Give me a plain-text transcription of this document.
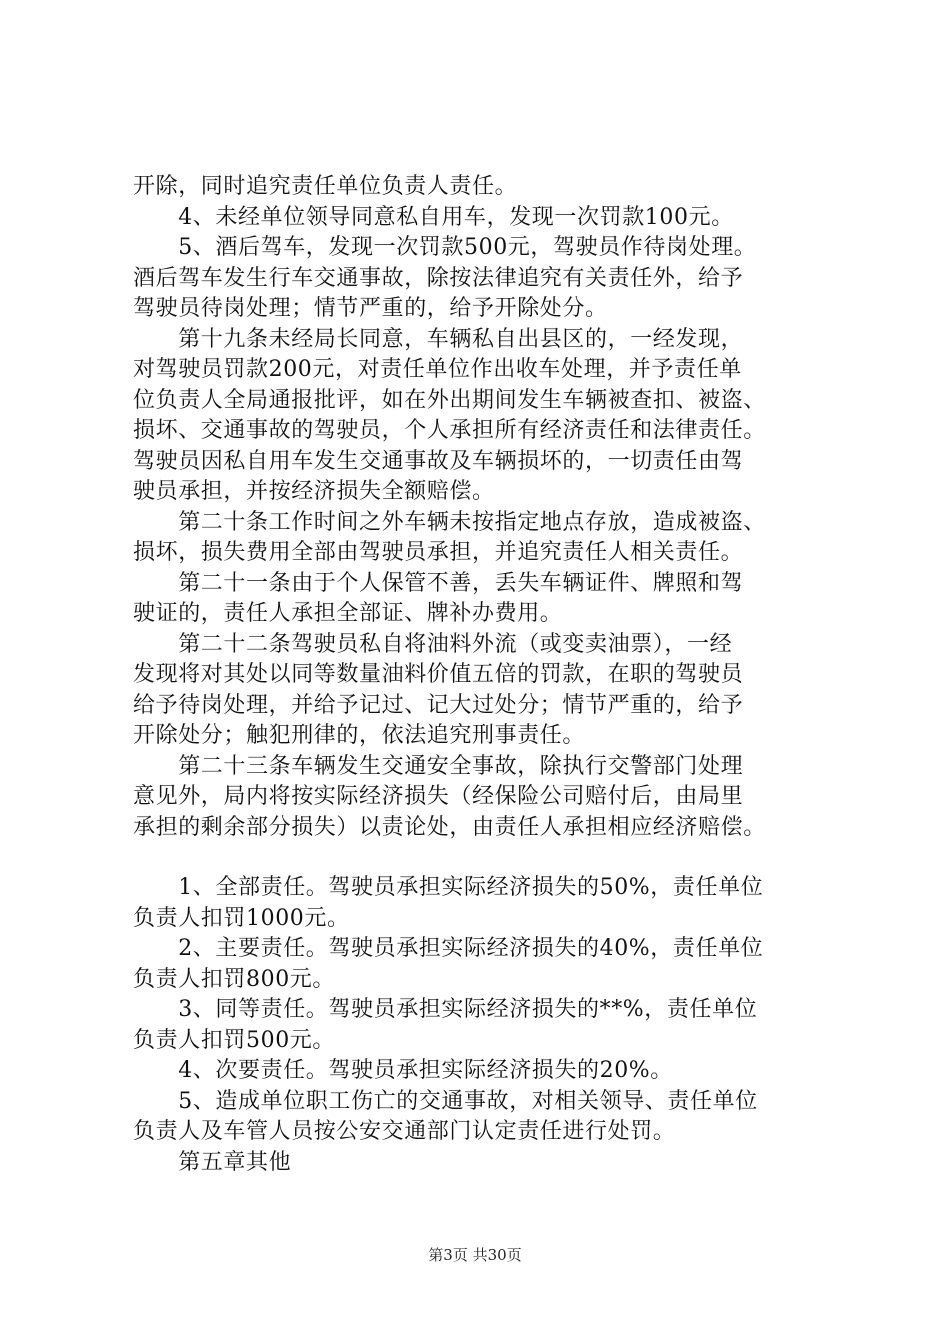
开除，同时追究责任单位负责人责任。

　　4、未经单位领导同意私自用车，发现一次罚款100元。

　　5、酒后驾车，发现一次罚款500元，驾驶员作待岗处理。

酒后驾车发生行车交通事故，除按法律追究有关责任外，给予

驾驶员待岗处理；情节严重的，给予开除处分。

　　第十九条未经局长同意，车辆私自出县区的，一经发现，

对驾驶员罚款200元，对责任单位作出收车处理，并予责任单

位负责人全局通报批评，如在外出期间发生车辆被查扣、被盗、

损坏、交通事故的驾驶员，个人承担所有经济责任和法律责任。

驾驶员因私自用车发生交通事故及车辆损坏的，一切责任由驾

驶员承担，并按经济损失全额赔偿。

　　第二十条工作时间之外车辆未按指定地点存放，造成被盗、

损坏，损失费用全部由驾驶员承担，并追究责任人相关责任。

　　第二十一条由于个人保管不善，丢失车辆证件、牌照和驾

驶证的，责任人承担全部证、牌补办费用。

　　第二十二条驾驶员私自将油料外流（或变卖油票），一经

发现将对其处以同等数量油料价值五倍的罚款，在职的驾驶员

给予待岗处理，并给予记过、记大过处分；情节严重的，给予

开除处分；触犯刑律的，依法追究刑事责任。

　　第二十三条车辆发生交通安全事故，除执行交警部门处理

意见外，局内将按实际经济损失（经保险公司赔付后，由局里

承担的剩余部分损失）以责论处，由责任人承担相应经济赔偿。

　　1、全部责任。驾驶员承担实际经济损失的50%，责任单位

负责人扣罚1000元。

　　2、主要责任。驾驶员承担实际经济损失的40%，责任单位

负责人扣罚800元。

　　3、同等责任。驾驶员承担实际经济损失的**%，责任单位

负责人扣罚500元。

　　4、次要责任。驾驶员承担实际经济损失的20%。

　　5、造成单位职工伤亡的交通事故，对相关领导、责任单位

负责人及车管人员按公安交通部门认定责任进行处罚。

　　第五章其他

第3页 共30页
